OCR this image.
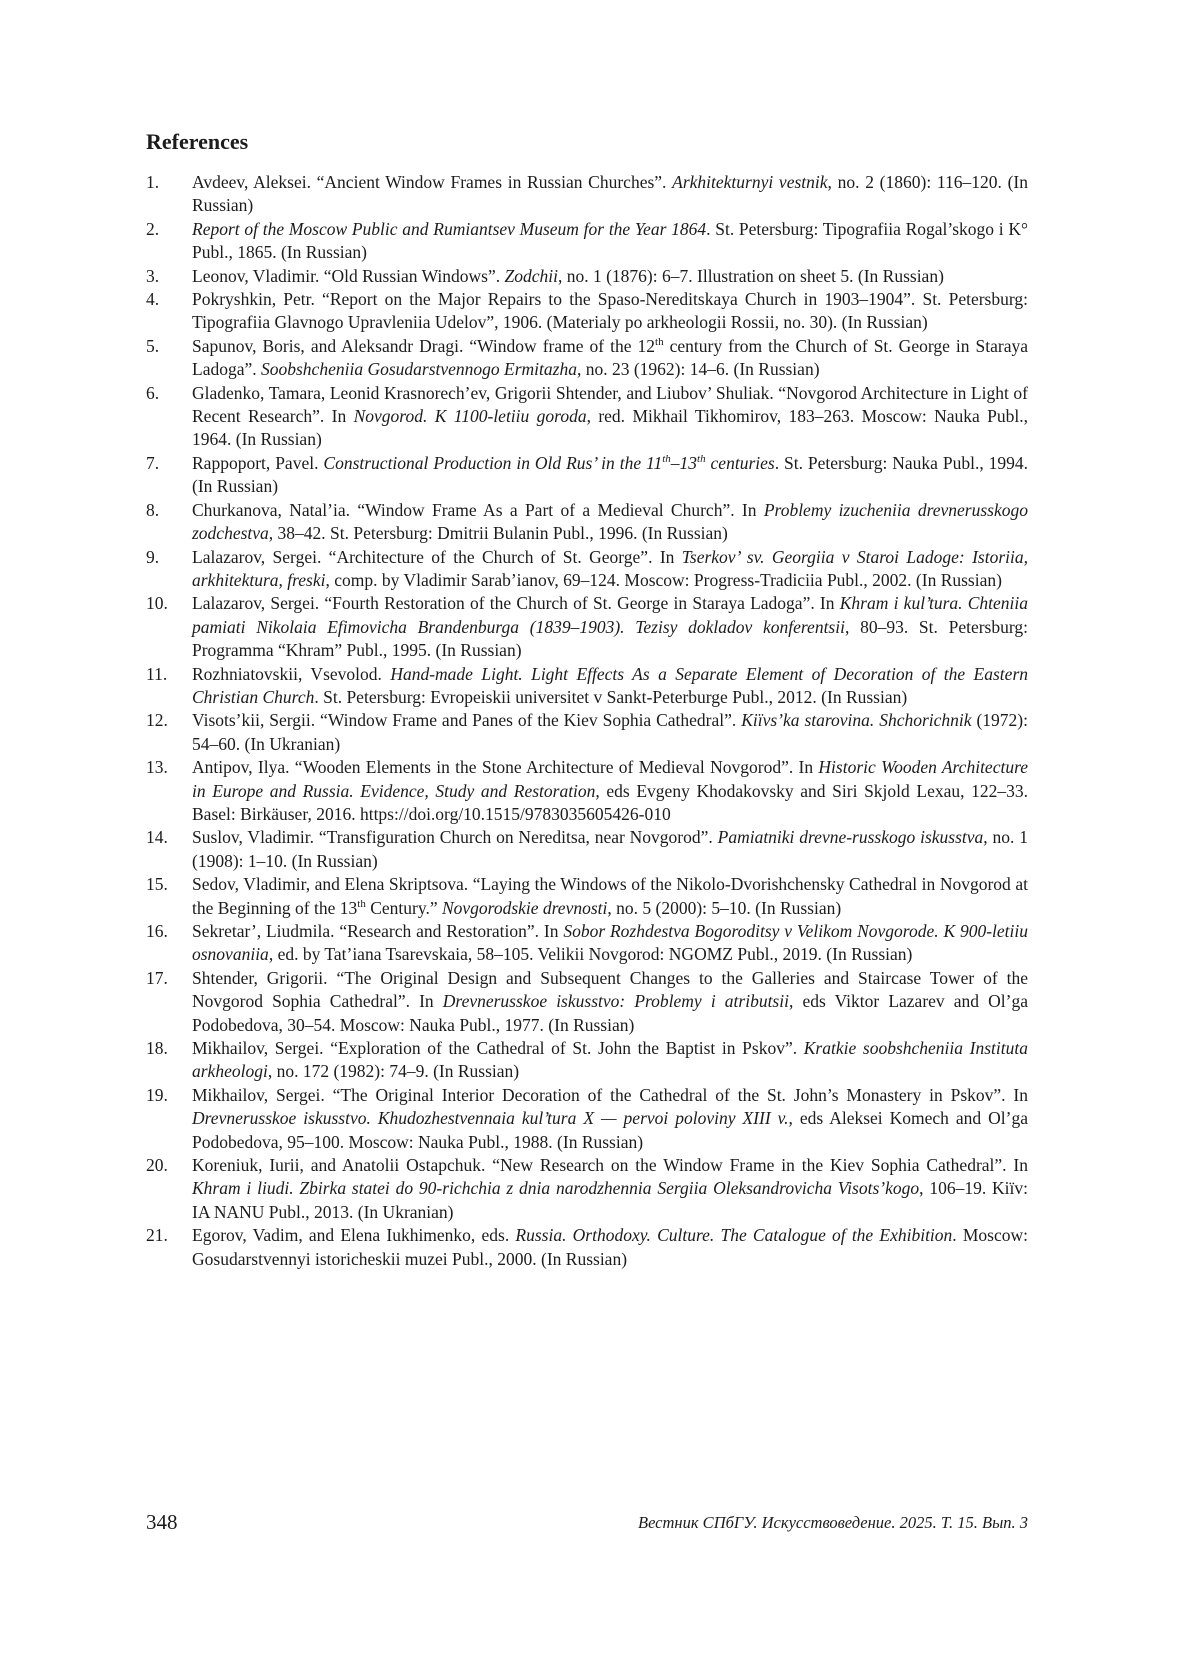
References
1. Avdeev, Aleksei. “Ancient Window Frames in Russian Churches”. Arkhitekturnyi vestnik, no. 2 (1860): 116–120. (In Russian)
2. Report of the Moscow Public and Rumiantsev Museum for the Year 1864. St. Petersburg: Tipografiia Rogal’skogo i K° Publ., 1865. (In Russian)
3. Leonov, Vladimir. “Old Russian Windows”. Zodchii, no. 1 (1876): 6–7. Illustration on sheet 5. (In Russian)
4. Pokryshkin, Petr. “Report on the Major Repairs to the Spaso-Nereditskaya Church in 1903–1904”. St. Petersburg: Tipografiia Glavnogo Upravleniia Udelov”, 1906. (Materialy po arkheologii Rossii, no. 30). (In Russian)
5. Sapunov, Boris, and Aleksandr Dragi. “Window frame of the 12th century from the Church of St. George in Staraya Ladoga”. Soobshcheniia Gosudarstvennogo Ermitazha, no. 23 (1962): 14–6. (In Russian)
6. Gladenko, Tamara, Leonid Krasnorech’ev, Grigorii Shtender, and Liubov’ Shuliak. “Novgorod Architecture in Light of Recent Research”. In Novgorod. K 1100-letiiu goroda, red. Mikhail Tikhomirov, 183–263. Moscow: Nauka Publ., 1964. (In Russian)
7. Rappoport, Pavel. Constructional Production in Old Rus’ in the 11th–13th centuries. St. Petersburg: Nauka Publ., 1994. (In Russian)
8. Churkanova, Natal’ia. “Window Frame As a Part of a Medieval Church”. In Problemy izucheniia drevnerusskogo zodchestva, 38–42. St. Petersburg: Dmitrii Bulanin Publ., 1996. (In Russian)
9. Lalazarov, Sergei. “Architecture of the Church of St. George”. In Tserkov’ sv. Georgiia v Staroi Ladoge: Istoriia, arkhitektura, freski, comp. by Vladimir Sarab’ianov, 69–124. Moscow: Progress-Tradiciia Publ., 2002. (In Russian)
10. Lalazarov, Sergei. “Fourth Restoration of the Church of St. George in Staraya Ladoga”. In Khram i kul’tura. Chteniia pamiati Nikolaia Efimovicha Brandenburga (1839–1903). Tezisy dokladov konferentsii, 80–93. St. Petersburg: Programma “Khram” Publ., 1995. (In Russian)
11. Rozhniatovskii, Vsevolod. Hand-made Light. Light Effects As a Separate Element of Decoration of the Eastern Christian Church. St. Petersburg: Evropeiskii universitet v Sankt-Peterburge Publ., 2012. (In Russian)
12. Visots’kii, Sergii. “Window Frame and Panes of the Kiev Sophia Cathedral”. Kiïvs’ka starovina. Shchorichnik (1972): 54–60. (In Ukranian)
13. Antipov, Ilya. “Wooden Elements in the Stone Architecture of Medieval Novgorod”. In Historic Wooden Architecture in Europe and Russia. Evidence, Study and Restoration, eds Evgeny Khodakovsky and Siri Skjold Lexau, 122–33. Basel: Birkäuser, 2016. https://doi.org/10.1515/9783035605426-010
14. Suslov, Vladimir. “Transfiguration Church on Nereditsa, near Novgorod”. Pamiatniki drevne-russkogo iskusstva, no. 1 (1908): 1–10. (In Russian)
15. Sedov, Vladimir, and Elena Skriptsova. “Laying the Windows of the Nikolo-Dvorishchensky Cathedral in Novgorod at the Beginning of the 13th Century.” Novgorodskie drevnosti, no. 5 (2000): 5–10. (In Russian)
16. Sekretar’, Liudmila. “Research and Restoration”. In Sobor Rozhdestva Bogoroditsy v Velikom Novgorode. K 900-letiiu osnovaniia, ed. by Tat’iana Tsarevskaia, 58–105. Velikii Novgorod: NGOMZ Publ., 2019. (In Russian)
17. Shtender, Grigorii. “The Original Design and Subsequent Changes to the Galleries and Staircase Tower of the Novgorod Sophia Cathedral”. In Drevnerusskoe iskusstvo: Problemy i atributsii, eds Viktor Lazarev and Ol’ga Podobedova, 30–54. Moscow: Nauka Publ., 1977. (In Russian)
18. Mikhailov, Sergei. “Exploration of the Cathedral of St. John the Baptist in Pskov”. Kratkie soobshcheniia Instituta arkheologi, no. 172 (1982): 74–9. (In Russian)
19. Mikhailov, Sergei. “The Original Interior Decoration of the Cathedral of the St. John’s Monastery in Pskov”. In Drevnerusskoe iskusstvo. Khudozhestvennaia kul’tura X — pervoi poloviny XIII v., eds Aleksei Komech and Ol’ga Podobedova, 95–100. Moscow: Nauka Publ., 1988. (In Russian)
20. Koreniuk, Iurii, and Anatolii Ostapchuk. “New Research on the Window Frame in the Kiev Sophia Cathedral”. In Khram i liudi. Zbirka statei do 90-richchia z dnia narodzhennia Sergiia Oleksandrovicha Visots’kogo, 106–19. Kiïv: IA NANU Publ., 2013. (In Ukranian)
21. Egorov, Vadim, and Elena Iukhimenko, eds. Russia. Orthodoxy. Culture. The Catalogue of the Exhibition. Moscow: Gosudarstvennyi istoricheskii muzei Publ., 2000. (In Russian)
348	Вестник СПбГУ. Искусствоведение. 2025. Т. 15. Вып. 3
